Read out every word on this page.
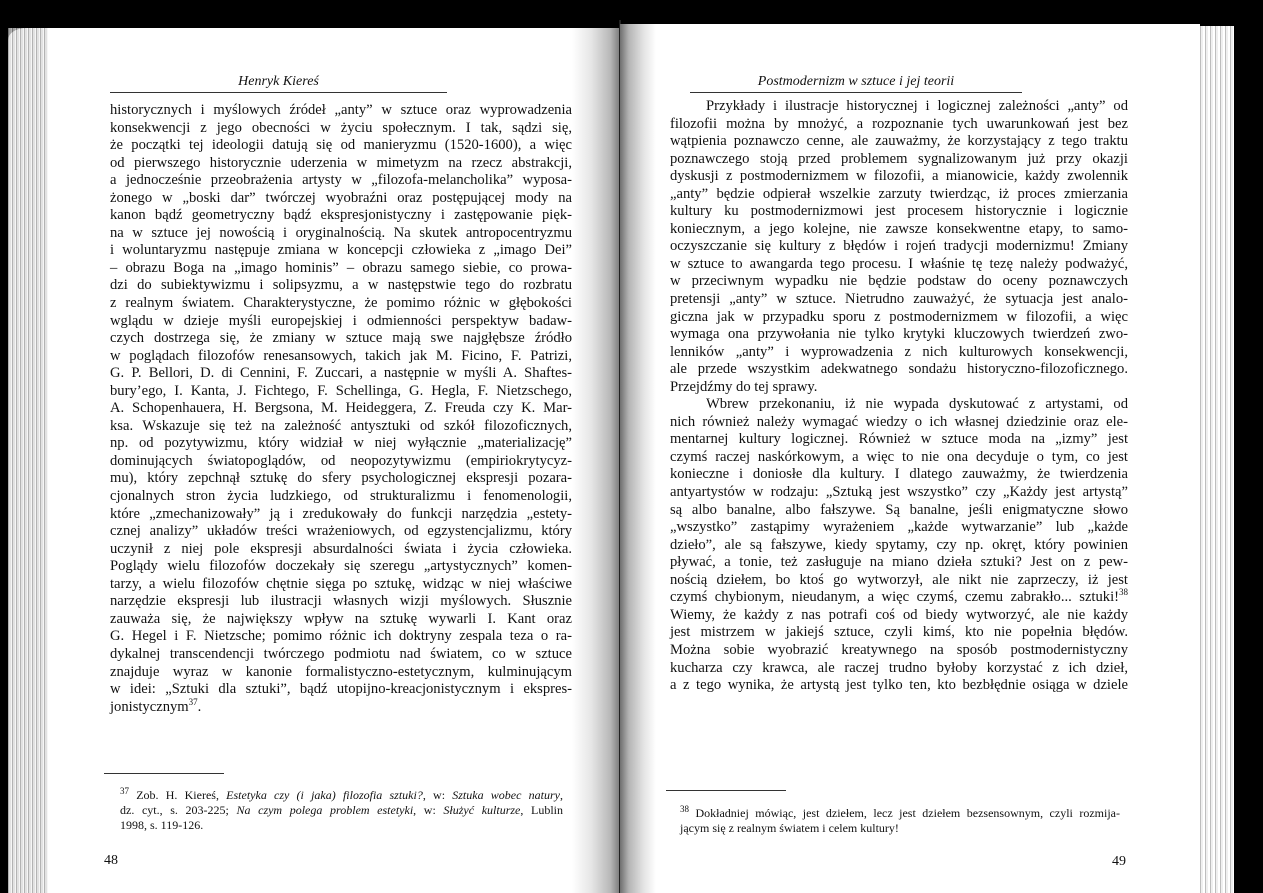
Henryk Kiereś
historycznych i myślowych źródeł „anty” w sztuce oraz wyprowadzenia
konsekwencji z jego obecności w życiu społecznym. I tak, sądzi się,
że początki tej ideologii datują się od manieryzmu (1520-1600), a więc
od pierwszego historycznie uderzenia w mimetyzm na rzecz abstrakcji,
a jednocześnie przeobrażenia artysty w „filozofa-melancholika” wyposa-
żonego w „boski dar” twórczej wyobraźni oraz postępującej mody na
kanon bądź geometryczny bądź ekspresjonistyczny i zastępowanie pięk-
na w sztuce jej nowością i oryginalnością. Na skutek antropocentryzmu
i woluntaryzmu następuje zmiana w koncepcji człowieka z „imago Dei”
– obrazu Boga na „imago hominis” – obrazu samego siebie, co prowa-
dzi do subiektywizmu i solipsyzmu, a w następstwie tego do rozbratu
z realnym światem. Charakterystyczne, że pomimo różnic w głębokości
wglądu w dzieje myśli europejskiej i odmienności perspektyw badaw-
czych dostrzega się, że zmiany w sztuce mają swe najgłębsze źródło
w poglądach filozofów renesansowych, takich jak M. Ficino, F. Patrizi,
G. P. Bellori, D. di Cennini, F. Zuccari, a następnie w myśli A. Shaftes-
bury’ego, I. Kanta, J. Fichtego, F. Schellinga, G. Hegla, F. Nietzschego,
A. Schopenhauera, H. Bergsona, M. Heideggera, Z. Freuda czy K. Mar-
ksa. Wskazuje się też na zależność antysztuki od szkół filozoficznych,
np. od pozytywizmu, który widział w niej wyłącznie „materializację”
dominujących światopoglądów, od neopozytywizmu (empiriokrytycyz-
mu), który zepchnął sztukę do sfery psychologicznej ekspresji pozara-
cjonalnych stron życia ludzkiego, od strukturalizmu i fenomenologii,
które „zmechanizowały” ją i zredukowały do funkcji narzędzia „estety-
cznej analizy” układów treści wrażeniowych, od egzystencjalizmu, który
uczynił z niej pole ekspresji absurdalności świata i życia człowieka.
Poglądy wielu filozofów doczekały się szeregu „artystycznych” komen-
tarzy, a wielu filozofów chętnie sięga po sztukę, widząc w niej właściwe
narzędzie ekspresji lub ilustracji własnych wizji myślowych. Słusznie
zauważa się, że największy wpływ na sztukę wywarli I. Kant oraz
G. Hegel i F. Nietzsche; pomimo różnic ich doktryny zespala teza o ra-
dykalnej transcendencji twórczego podmiotu nad światem, co w sztuce
znajduje wyraz w kanonie formalistyczno-estetycznym, kulminującym
w idei: „Sztuki dla sztuki”, bądź utopijno-kreacjonistycznym i ekspres-
jonistycznym$^{37}$.
$^{37}$ Zob. H. Kiereś, Estetyka czy (i jaka) filozofia sztuki?, w: Sztuka wobec natury,
dz. cyt., s. 203-225; Na czym polega problem estetyki, w: Służyć kulturze, Lublin
1998, s. 119-126.
48
Postmodernizm w sztuce i jej teorii
Przykłady i ilustracje historycznej i logicznej zależności „anty” od
filozofii można by mnożyć, a rozpoznanie tych uwarunkowań jest bez
wątpienia poznawczo cenne, ale zauważmy, że korzystający z tego traktu
poznawczego stoją przed problemem sygnalizowanym już przy okazji
dyskusji z postmodernizmem w filozofii, a mianowicie, każdy zwolennik
„anty” będzie odpierał wszelkie zarzuty twierdząc, iż proces zmierzania
kultury ku postmodernizmowi jest procesem historycznie i logicznie
koniecznym, a jego kolejne, nie zawsze konsekwentne etapy, to samo-
oczyszczanie się kultury z błędów i rojeń tradycji modernizmu! Zmiany
w sztuce to awangarda tego procesu. I właśnie tę tezę należy podważyć,
w przeciwnym wypadku nie będzie podstaw do oceny poznawczych
pretensji „anty” w sztuce. Nietrudno zauważyć, że sytuacja jest analo-
giczna jak w przypadku sporu z postmodernizmem w filozofii, a więc
wymaga ona przywołania nie tylko krytyki kluczowych twierdzeń zwo-
lenników „anty” i wyprowadzenia z nich kulturowych konsekwencji,
ale przede wszystkim adekwatnego sondażu historyczno-filozoficznego.
Przejdźmy do tej sprawy.
Wbrew przekonaniu, iż nie wypada dyskutować z artystami, od
nich również należy wymagać wiedzy o ich własnej dziedzinie oraz ele-
mentarnej kultury logicznej. Również w sztuce moda na „izmy” jest
czymś raczej naskórkowym, a więc to nie ona decyduje o tym, co jest
konieczne i doniosłe dla kultury. I dlatego zauważmy, że twierdzenia
antyartystów w rodzaju: „Sztuką jest wszystko” czy „Każdy jest artystą”
są albo banalne, albo fałszywe. Są banalne, jeśli enigmatyczne słowo
„wszystko” zastąpimy wyrażeniem „każde wytwarzanie” lub „każde
dzieło”, ale są fałszywe, kiedy spytamy, czy np. okręt, który powinien
pływać, a tonie, też zasługuje na miano dzieła sztuki? Jest on z pew-
nością dziełem, bo ktoś go wytworzył, ale nikt nie zaprzeczy, iż jest
czymś chybionym, nieudanym, a więc czymś, czemu zabrakło... sztuki!$^{38}$
Wiemy, że każdy z nas potrafi coś od biedy wytworzyć, ale nie każdy
jest mistrzem w jakiejś sztuce, czyli kimś, kto nie popełnia błędów.
Można sobie wyobrazić kreatywnego na sposób postmodernistyczny
kucharza czy krawca, ale raczej trudno byłoby korzystać z ich dzieł,
a z tego wynika, że artystą jest tylko ten, kto bezbłędnie osiąga w dziele
$^{38}$ Dokładniej mówiąc, jest dziełem, lecz jest dziełem bezsensownym, czyli rozmija-
jącym się z realnym światem i celem kultury!
49
